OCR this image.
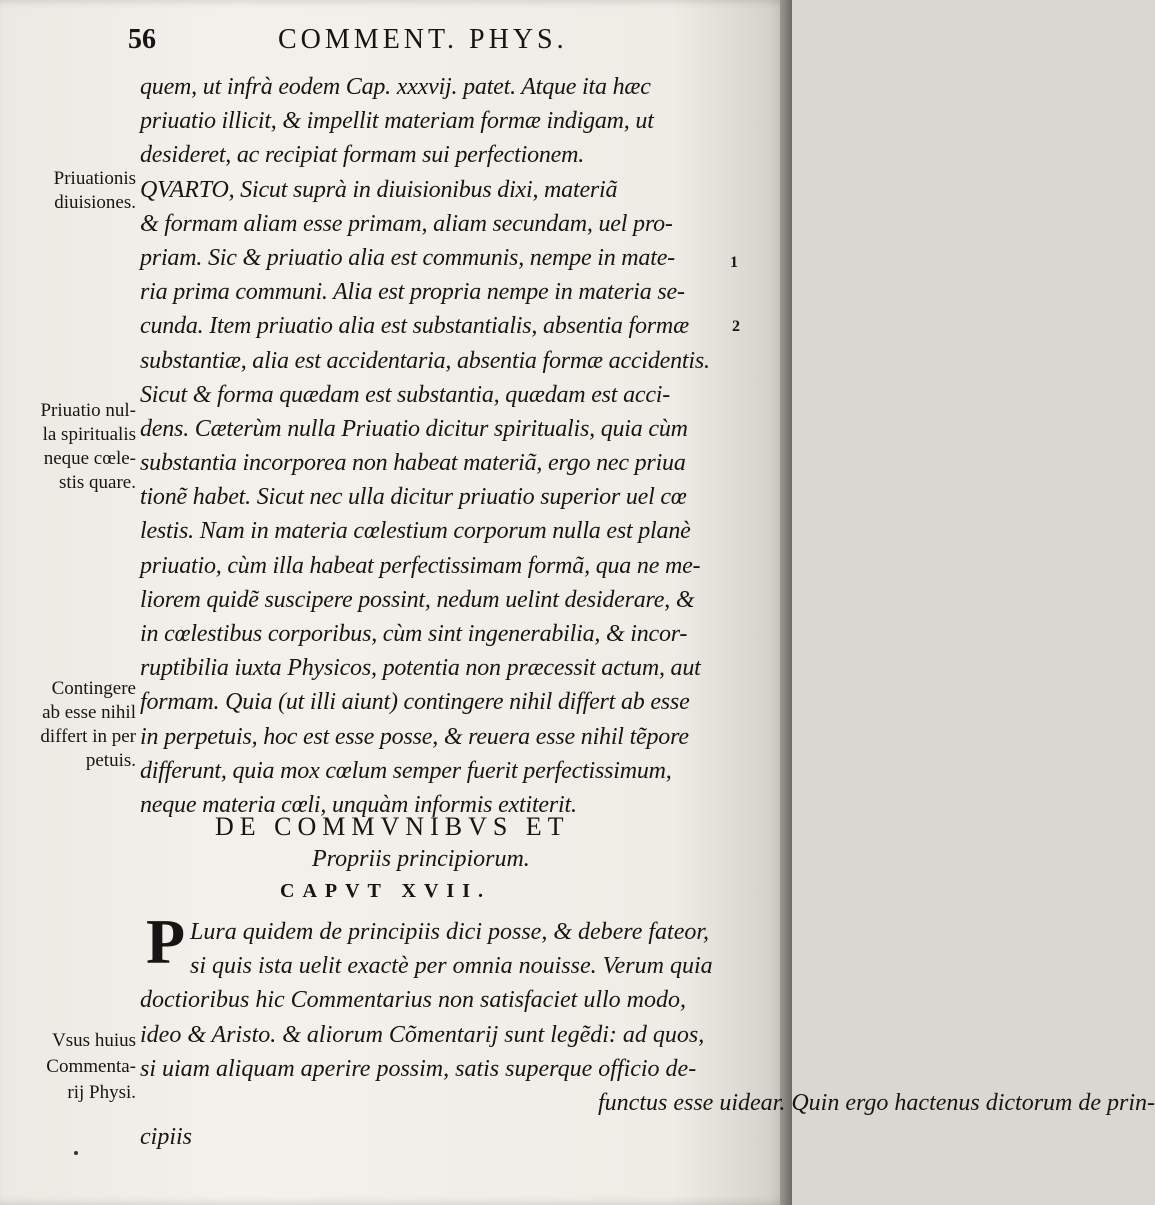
56	COMMENT. PHYS.
quem, ut infrà eodem Cap. xxxvij. patet. Atque ita hæc
priuatio illicit, & impellit materiam formæ indigam, ut
desideret, ac recipiat formam sui perfectionem.
QVARTO, Sicut suprà in diuisionibus dixi, materiã
& formam aliam esse primam, aliam secundam, uel pro-
priam. Sic & priuatio alia est communis, nempe in mate-
ria prima communi. Alia est propria nempe in materia se-
cunda. Item priuatio alia est substantialis, absentia formæ
substantiæ, alia est accidentaria, absentia formæ accidentis.
Sicut & forma quædam est substantia, quædam est acci-
dens. Cæterùm nulla Priuatio dicitur spiritualis, quia cùm
substantia incorporea non habeat materiã, ergo nec priua
tionẽ habet. Sicut nec ulla dicitur priuatio superior uel cœ
lestis. Nam in materia cœlestium corporum nulla est planè
priuatio, cùm illa habeat perfectissimam formã, qua ne me-
liorem quidẽ suscipere possint, nedum uelint desiderare, &
in cœlestibus corporibus, cùm sint ingenerabilia, & incor-
ruptibilia iuxta Physicos, potentia non præcessit actum, aut
formam. Quia (ut illi aiunt) contingere nihil differt ab esse
in perpetuis, hoc est esse posse, & reuera esse nihil tẽpore
differunt, quia mox cœlum semper fuerit perfectissimum,
neque materia cœli, unquàm informis extiterit.
Priuationis
diuisiones.
Priuatio nul-
la spiritualis
neque cœle-
stis quare.
Contingere
ab esse nihil
differt in per
petuis.
Vsus huius
Commenta-
rij Physi.
1
2
DE COMMVNIBVS ET
Propriis principiorum.
CAPVT XVII.
P Lura quidem de principiis dici posse, & debere fateor,
si quis ista uelit exactè per omnia nouisse. Verum quia
doctioribus hic Commentarius non satisfaciet ullo modo,
ideo & Aristo. & aliorum Cõmentarij sunt legẽdi: ad quos,
si uiam aliquam aperire possim, satis superque officio de-
functus esse uidear. Quin ergo hactenus dictorum de prin-
cipiis
